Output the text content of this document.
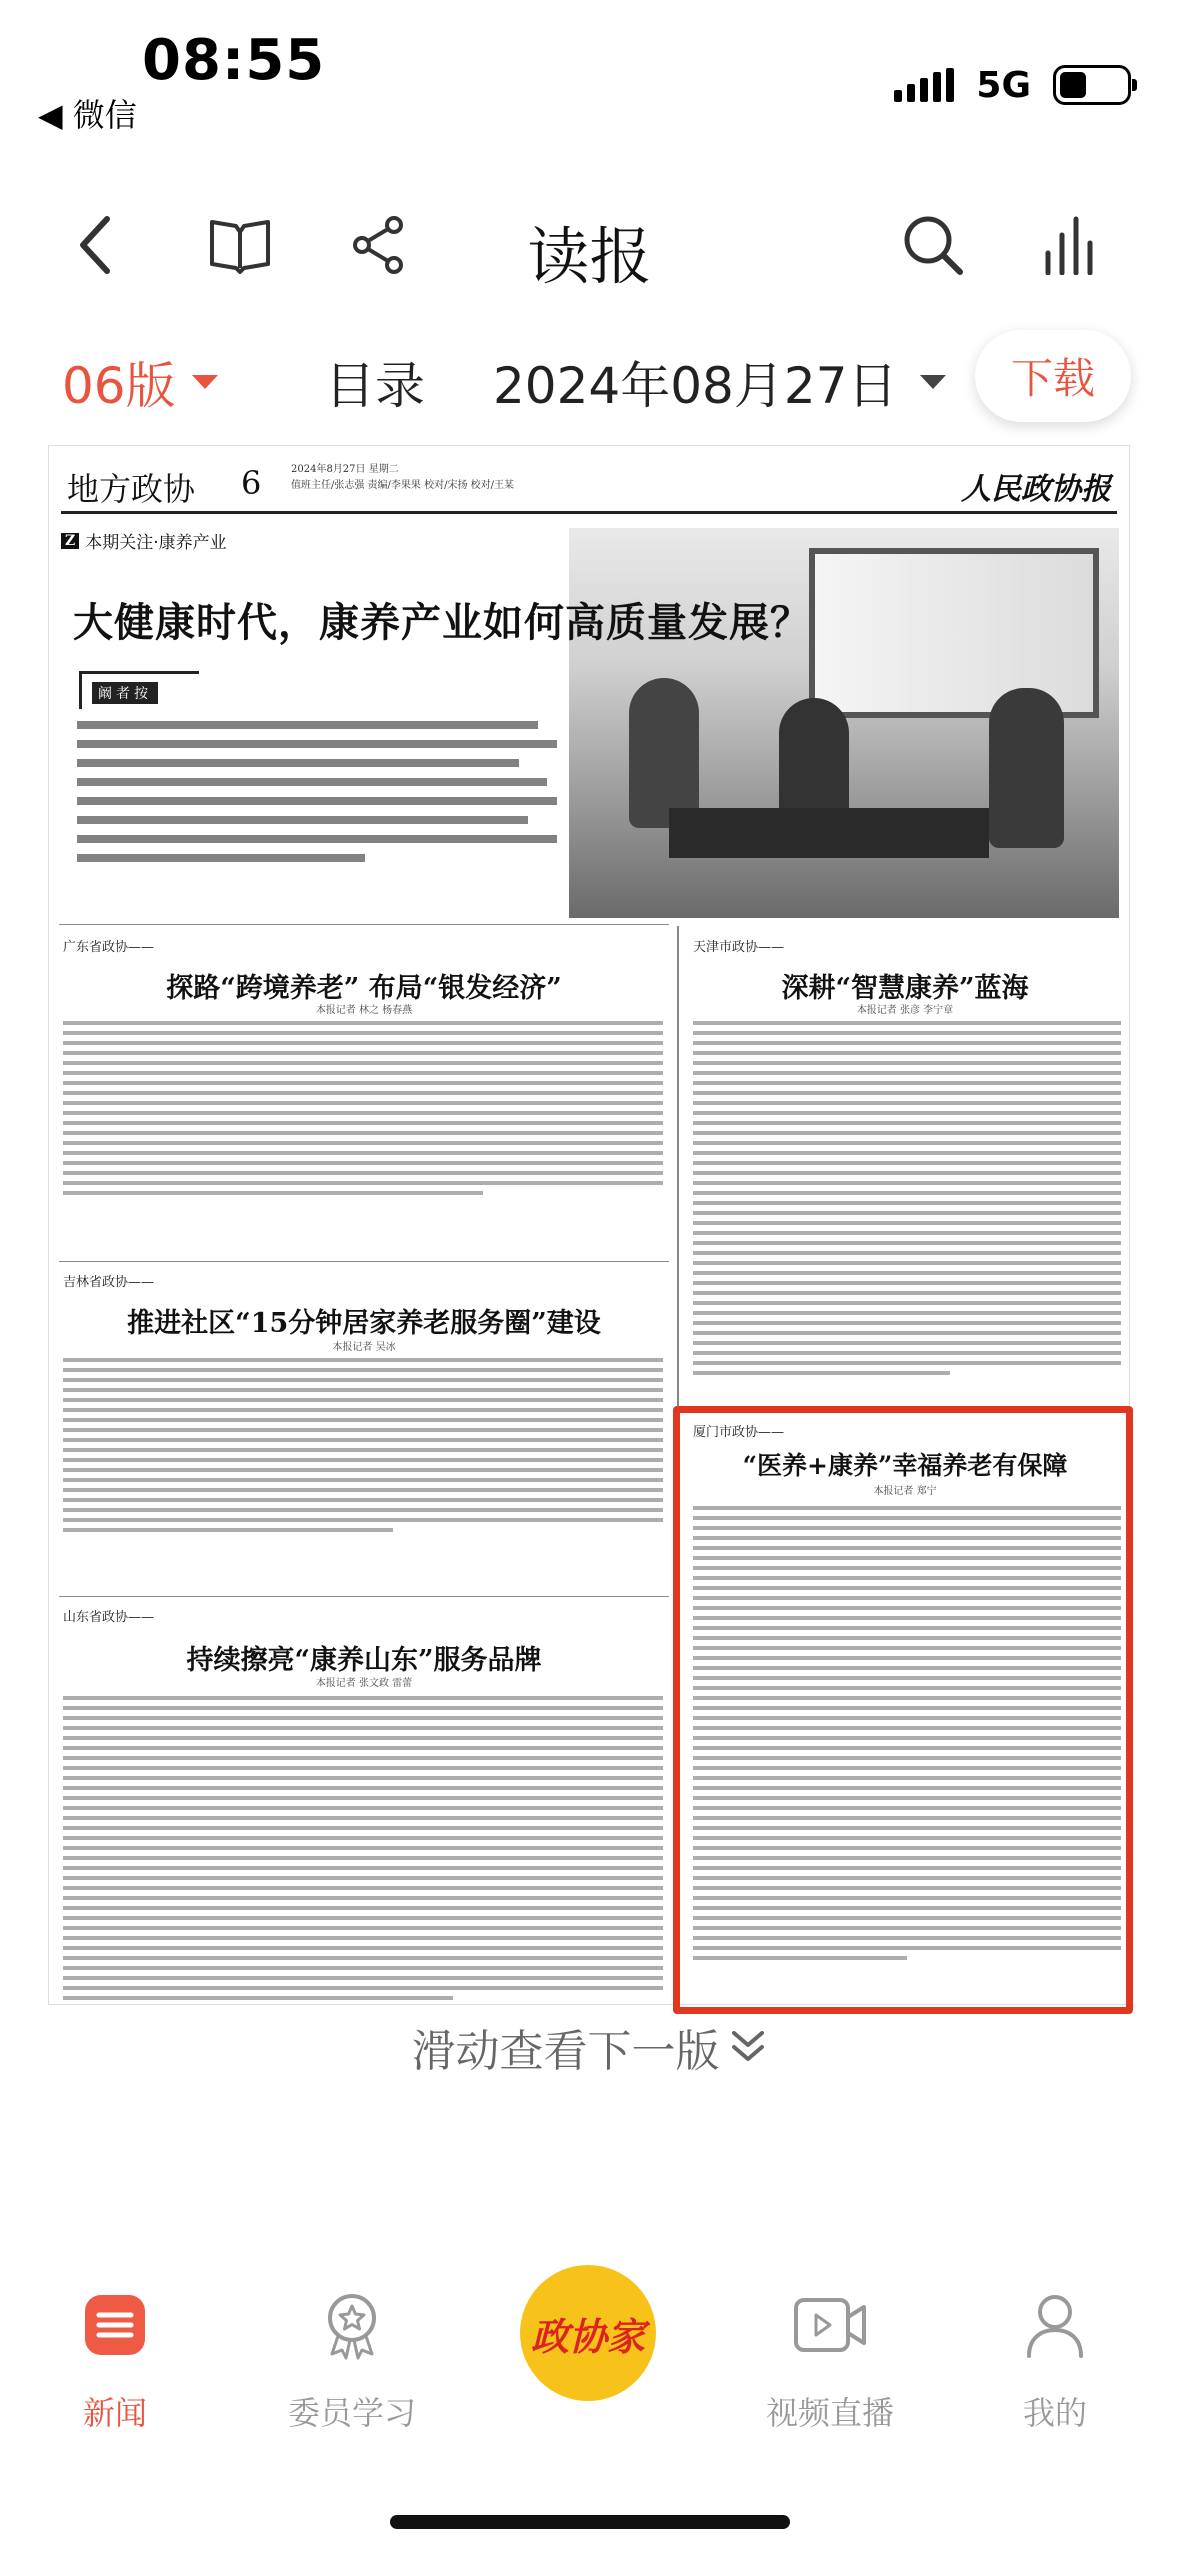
08:55
◀ 微信
5G
读报
06版	目录 2024年08月27日	下载
地方政协 6	2024年8月27日 星期二
值班主任/张志强 责编/李果果 校对/宋扬 校对/王某	人民政协报
Z 本期关注·康养产业
大健康时代，康养产业如何高质量发展？
阚者按
广东省政协——
探路“跨境养老” 布局“银发经济”
本报记者 林之 杨春燕
天津市政协——
深耕“智慧康养”蓝海
本报记者 张彦 李宁章
吉林省政协——
推进社区“15分钟居家养老服务圈”建设
本报记者 吴冰
厦门市政协——
“医养+康养”幸福养老有保障
本报记者 郑宁
山东省政协——
持续擦亮“康养山东”服务品牌
本报记者 张文政 雷蕾
滑动查看下一版
新闻	委员学习	视频直播	我的
政协家
